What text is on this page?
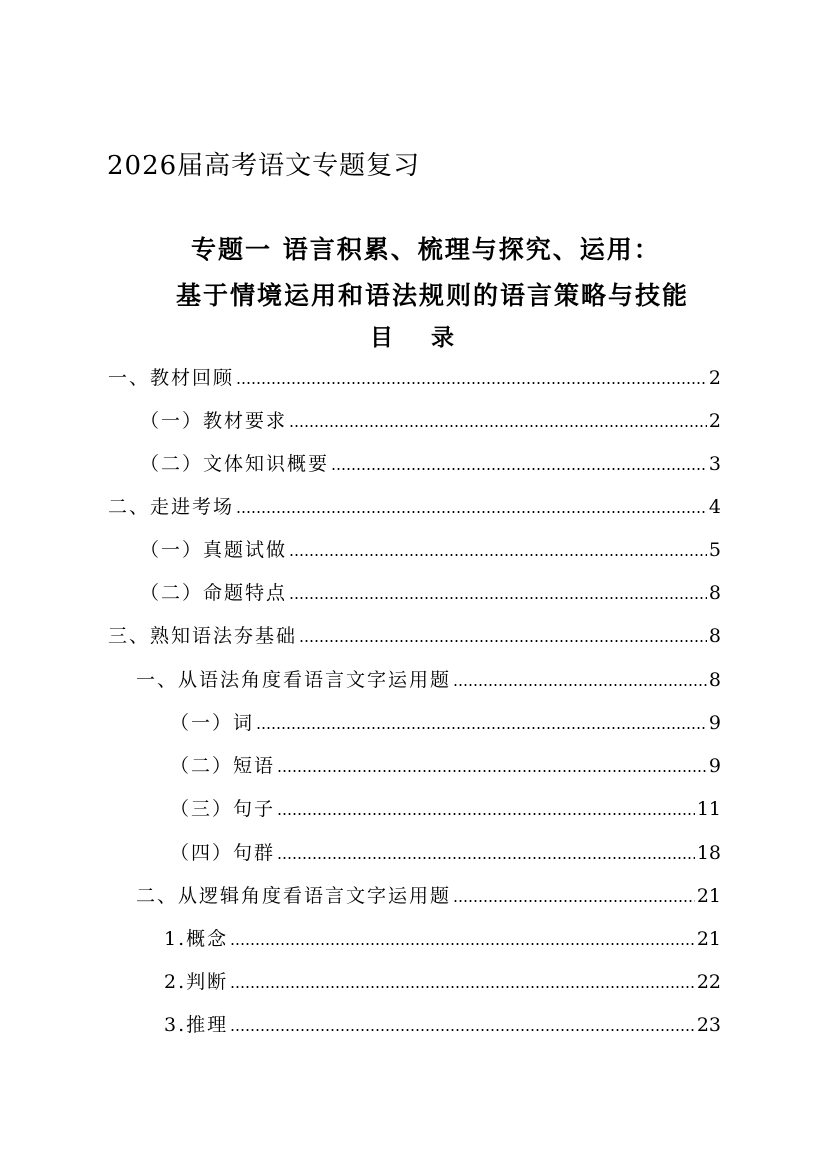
2026届高考语文专题复习
专题一 语言积累、梳理与探究、运用：
基于情境运用和语法规则的语言策略与技能
目 录
一、教材回顾	2
（一）教材要求	2
（二）文体知识概要	3
二、走进考场	4
（一）真题试做	5
（二）命题特点	8
三、熟知语法夯基础	8
一、从语法角度看语言文字运用题	8
（一）词	9
（二）短语	9
（三）句子	11
（四）句群	18
二、从逻辑角度看语言文字运用题	21
1.概念	21
2.判断	22
3.推理	23
